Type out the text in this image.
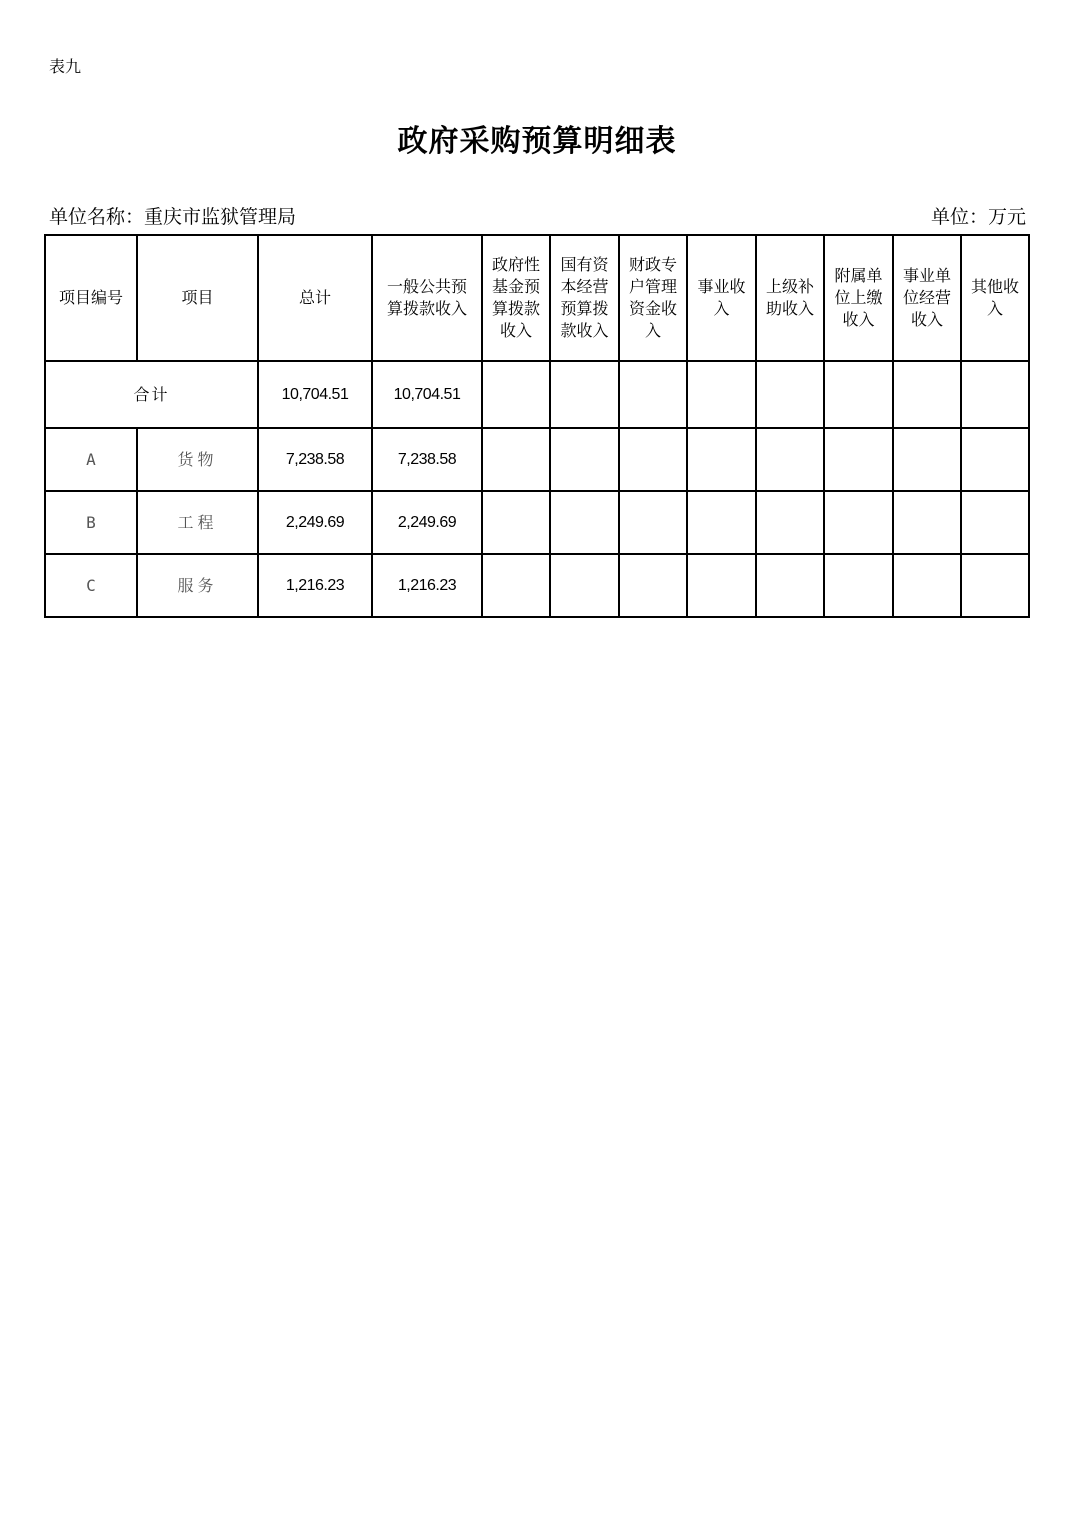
表九
政府采购预算明细表
单位名称：重庆市监狱管理局	单位：万元
项目编号	项目	总计	一般公共预算拨款收入	政府性基金预算拨款收入	国有资本经营预算拨款收入	财政专户管理资金收入	事业收入	上级补助收入	附属单位上缴收入	事业单位经营收入	其他收入
合计		10,704.51	10,704.51								
A	货物	7,238.58	7,238.58								
B	工程	2,249.69	2,249.69								
C	服务	1,216.23	1,216.23								
